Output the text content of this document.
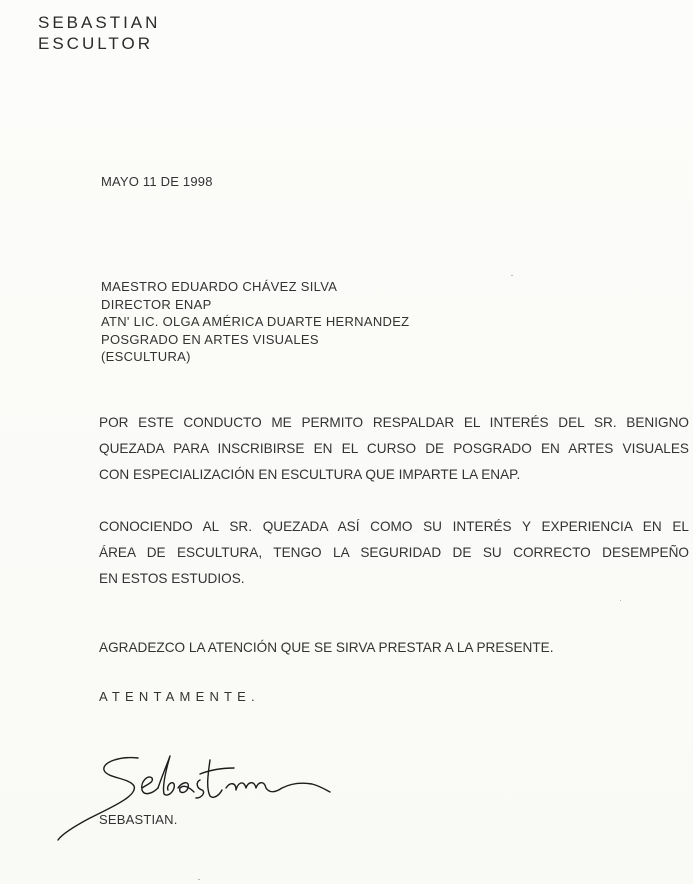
SEBASTIAN
ESCULTOR
MAYO 11 DE 1998
MAESTRO EDUARDO CHÁVEZ SILVA
DIRECTOR ENAP
ATN' LIC. OLGA AMÉRICA DUARTE HERNANDEZ
POSGRADO EN ARTES VISUALES
(ESCULTURA)
POR ESTE CONDUCTO ME PERMITO RESPALDAR EL INTERÉS DEL SR. BENIGNO
QUEZADA PARA INSCRIBIRSE EN EL CURSO DE POSGRADO EN ARTES VISUALES
CON ESPECIALIZACIÓN EN ESCULTURA QUE IMPARTE LA ENAP.
CONOCIENDO AL SR. QUEZADA ASÍ COMO SU INTERÉS Y EXPERIENCIA EN EL
ÁREA DE ESCULTURA, TENGO LA SEGURIDAD DE SU CORRECTO DESEMPEÑO
EN ESTOS ESTUDIOS.
AGRADEZCO LA ATENCIÓN QUE SE SIRVA PRESTAR A LA PRESENTE.
ATENTAMENTE.
SEBASTIAN.
